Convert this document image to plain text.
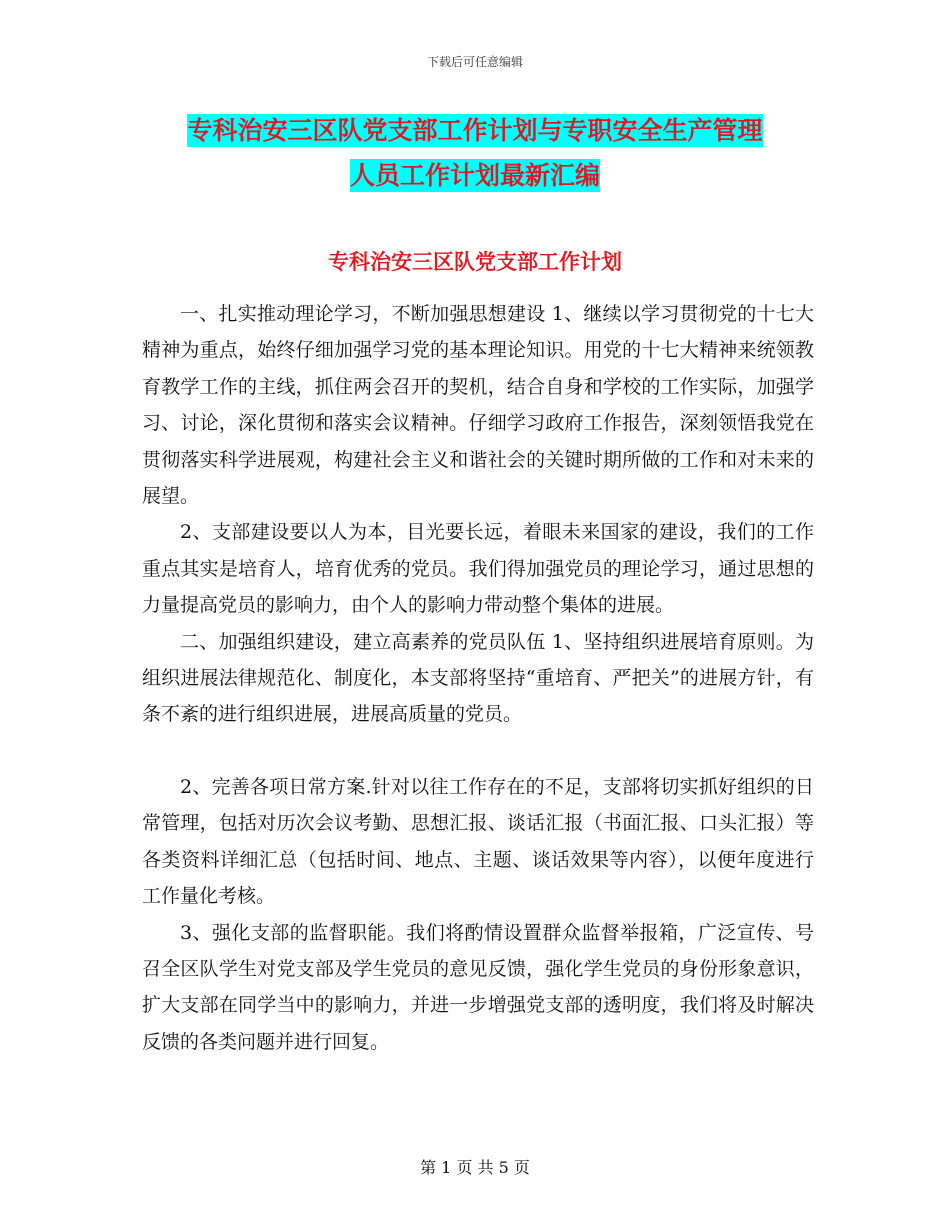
下载后可任意编辑
专科治安三区队党支部工作计划与专职安全生产管理
人员工作计划最新汇编
专科治安三区队党支部工作计划

一、扎实推动理论学习，不断加强思想建设 1、继续以学习贯彻党的十七大精神为重点，始终仔细加强学习党的基本理论知识。用党的十七大精神来统领教育教学工作的主线，抓住两会召开的契机，结合自身和学校的工作实际，加强学习、讨论，深化贯彻和落实会议精神。仔细学习政府工作报告，深刻领悟我党在贯彻落实科学进展观，构建社会主义和谐社会的关键时期所做的工作和对未来的展望。

2、支部建设要以人为本，目光要长远，着眼未来国家的建设，我们的工作重点其实是培育人，培育优秀的党员。我们得加强党员的理论学习，通过思想的力量提高党员的影响力，由个人的影响力带动整个集体的进展。

二、加强组织建设，建立高素养的党员队伍 1、坚持组织进展培育原则。为组织进展法律规范化、制度化，本支部将坚持“重培育、严把关”的进展方针，有条不紊的进行组织进展，进展高质量的党员。

2、完善各项日常方案.针对以往工作存在的不足，支部将切实抓好组织的日常管理，包括对历次会议考勤、思想汇报、谈话汇报（书面汇报、口头汇报）等各类资料详细汇总（包括时间、地点、主题、谈话效果等内容），以便年度进行工作量化考核。

3、强化支部的监督职能。我们将酌情设置群众监督举报箱，广泛宣传、号召全区队学生对党支部及学生党员的意见反馈，强化学生党员的身份形象意识，扩大支部在同学当中的影响力，并进一步增强党支部的透明度，我们将及时解决反馈的各类问题并进行回复。

第 1 页 共 5 页
